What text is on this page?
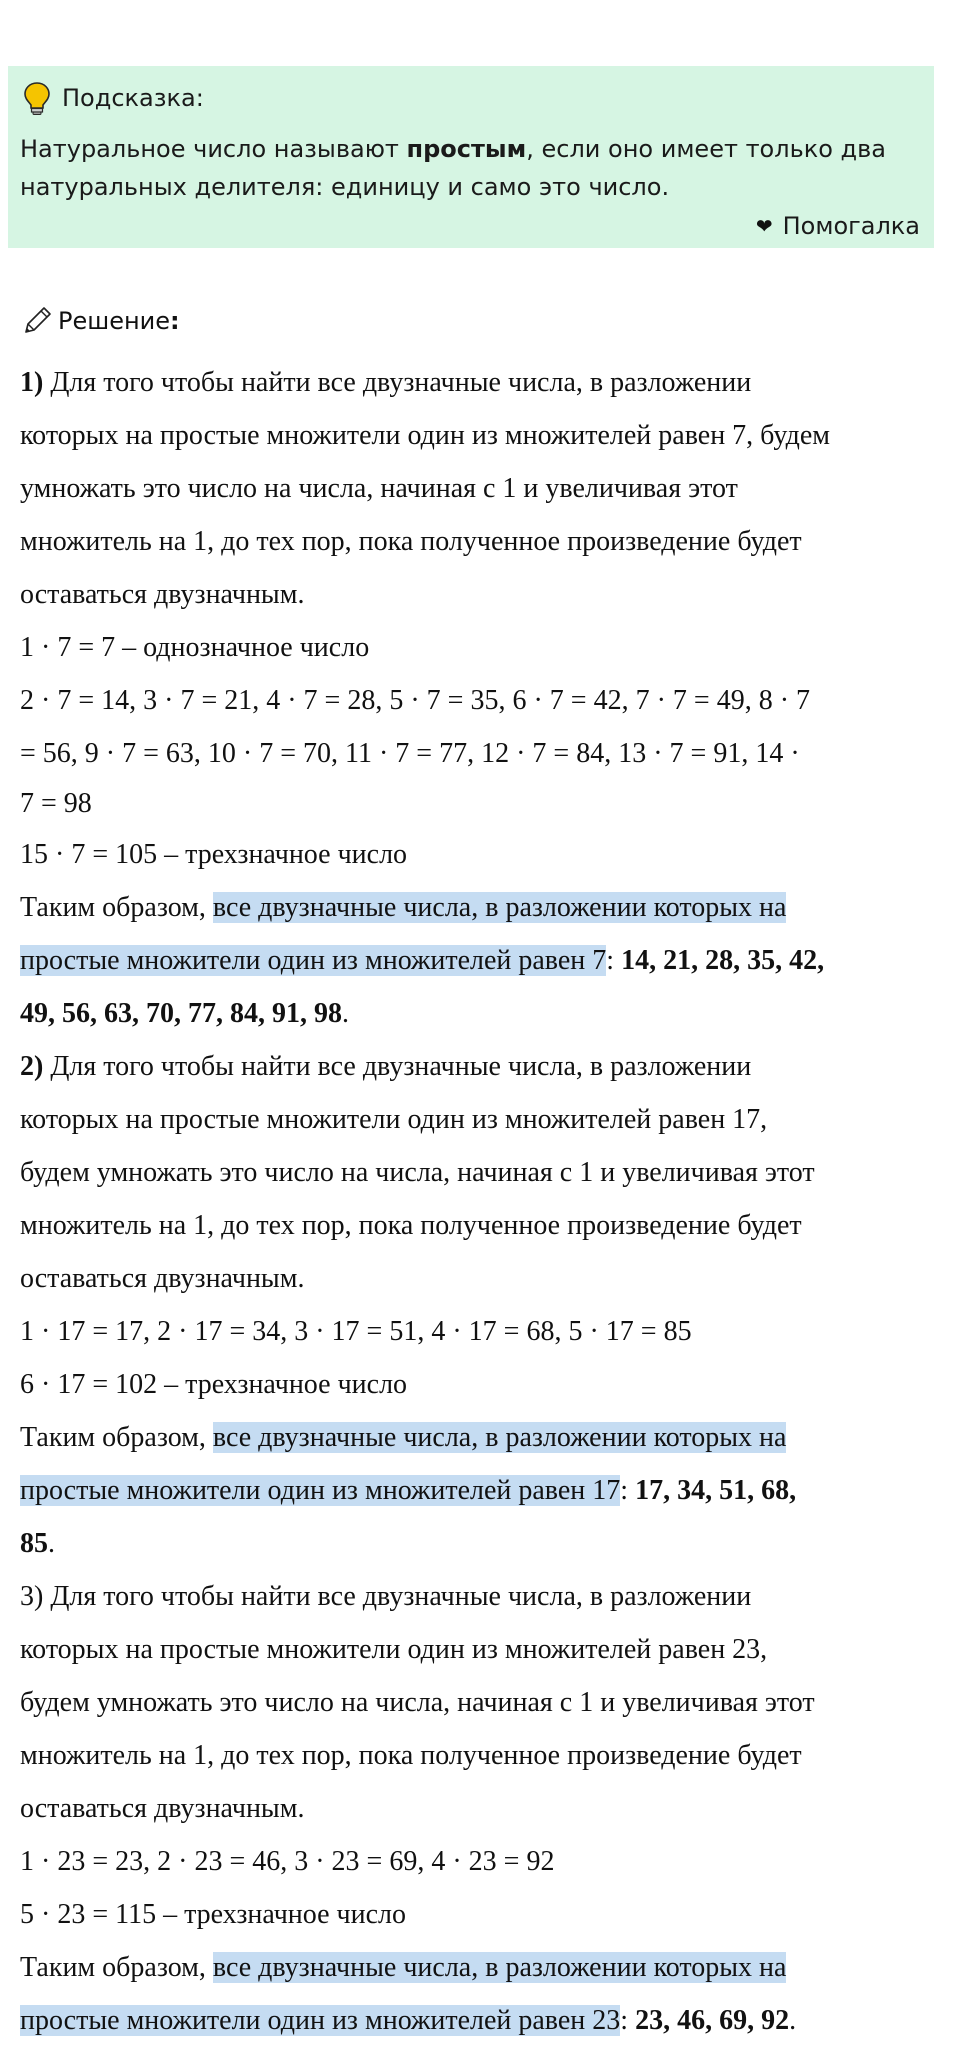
Подсказка:
Натуральное число называют простым, если оно имеет только два
натуральных делителя: единицу и само это число.
❤ Помогалка
Решение :
1) Для того чтобы найти все двузначные числа, в разложении
которых на простые множители один из множителей равен 7, будем
умножать это число на числа, начиная с 1 и увеличивая этот
множитель на 1, до тех пор, пока полученное произведение будет
оставаться двузначным.
1 · 7 = 7 – однозначное число
2 · 7 = 14, 3 · 7 = 21, 4 · 7 = 28, 5 · 7 = 35, 6 · 7 = 42, 7 · 7 = 49, 8 · 7
= 56, 9 · 7 = 63, 10 · 7 = 70, 11 · 7 = 77, 12 · 7 = 84, 13 · 7 = 91, 14 ·
7 = 98
15 · 7 = 105 – трехзначное число
Таким образом, все двузначные числа, в разложении которых на
простые множители один из множителей равен 7: 14, 21, 28, 35, 42,
49, 56, 63, 70, 77, 84, 91, 98.
2) Для того чтобы найти все двузначные числа, в разложении
которых на простые множители один из множителей равен 17,
будем умножать это число на числа, начиная с 1 и увеличивая этот
множитель на 1, до тех пор, пока полученное произведение будет
оставаться двузначным.
1 · 17 = 17, 2 · 17 = 34, 3 · 17 = 51, 4 · 17 = 68, 5 · 17 = 85
6 · 17 = 102 – трехзначное число
Таким образом, все двузначные числа, в разложении которых на
простые множители один из множителей равен 17: 17, 34, 51, 68,
85.
3) Для того чтобы найти все двузначные числа, в разложении
которых на простые множители один из множителей равен 23,
будем умножать это число на числа, начиная с 1 и увеличивая этот
множитель на 1, до тех пор, пока полученное произведение будет
оставаться двузначным.
1 · 23 = 23, 2 · 23 = 46, 3 · 23 = 69, 4 · 23 = 92
5 · 23 = 115 – трехзначное число
Таким образом, все двузначные числа, в разложении которых на
простые множители один из множителей равен 23: 23, 46, 69, 92.
